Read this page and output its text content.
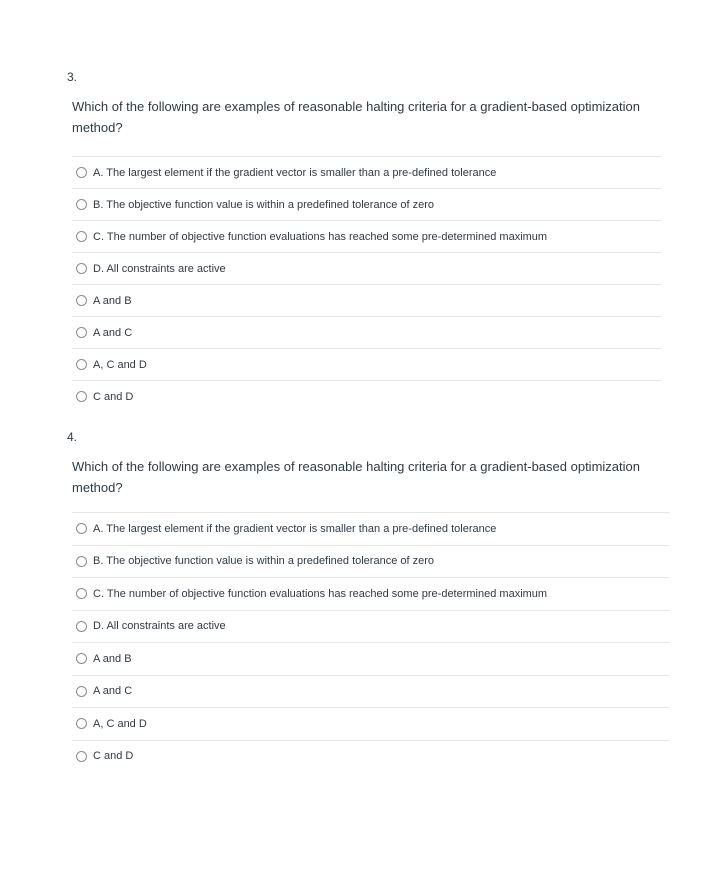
3.
Which of the following are examples of reasonable halting criteria for a gradient-based optimization method?
A. The largest element if the gradient vector is smaller than a pre-defined tolerance
B. The objective function value is within a predefined tolerance of zero
C. The number of objective function evaluations has reached some pre-determined maximum
D. All constraints are active
A and B
A and C
A, C and D
C and D
4.
Which of the following are examples of reasonable halting criteria for a gradient-based optimization method?
A. The largest element if the gradient vector is smaller than a pre-defined tolerance
B. The objective function value is within a predefined tolerance of zero
C. The number of objective function evaluations has reached some pre-determined maximum
D. All constraints are active
A and B
A and C
A, C and D
C and D
